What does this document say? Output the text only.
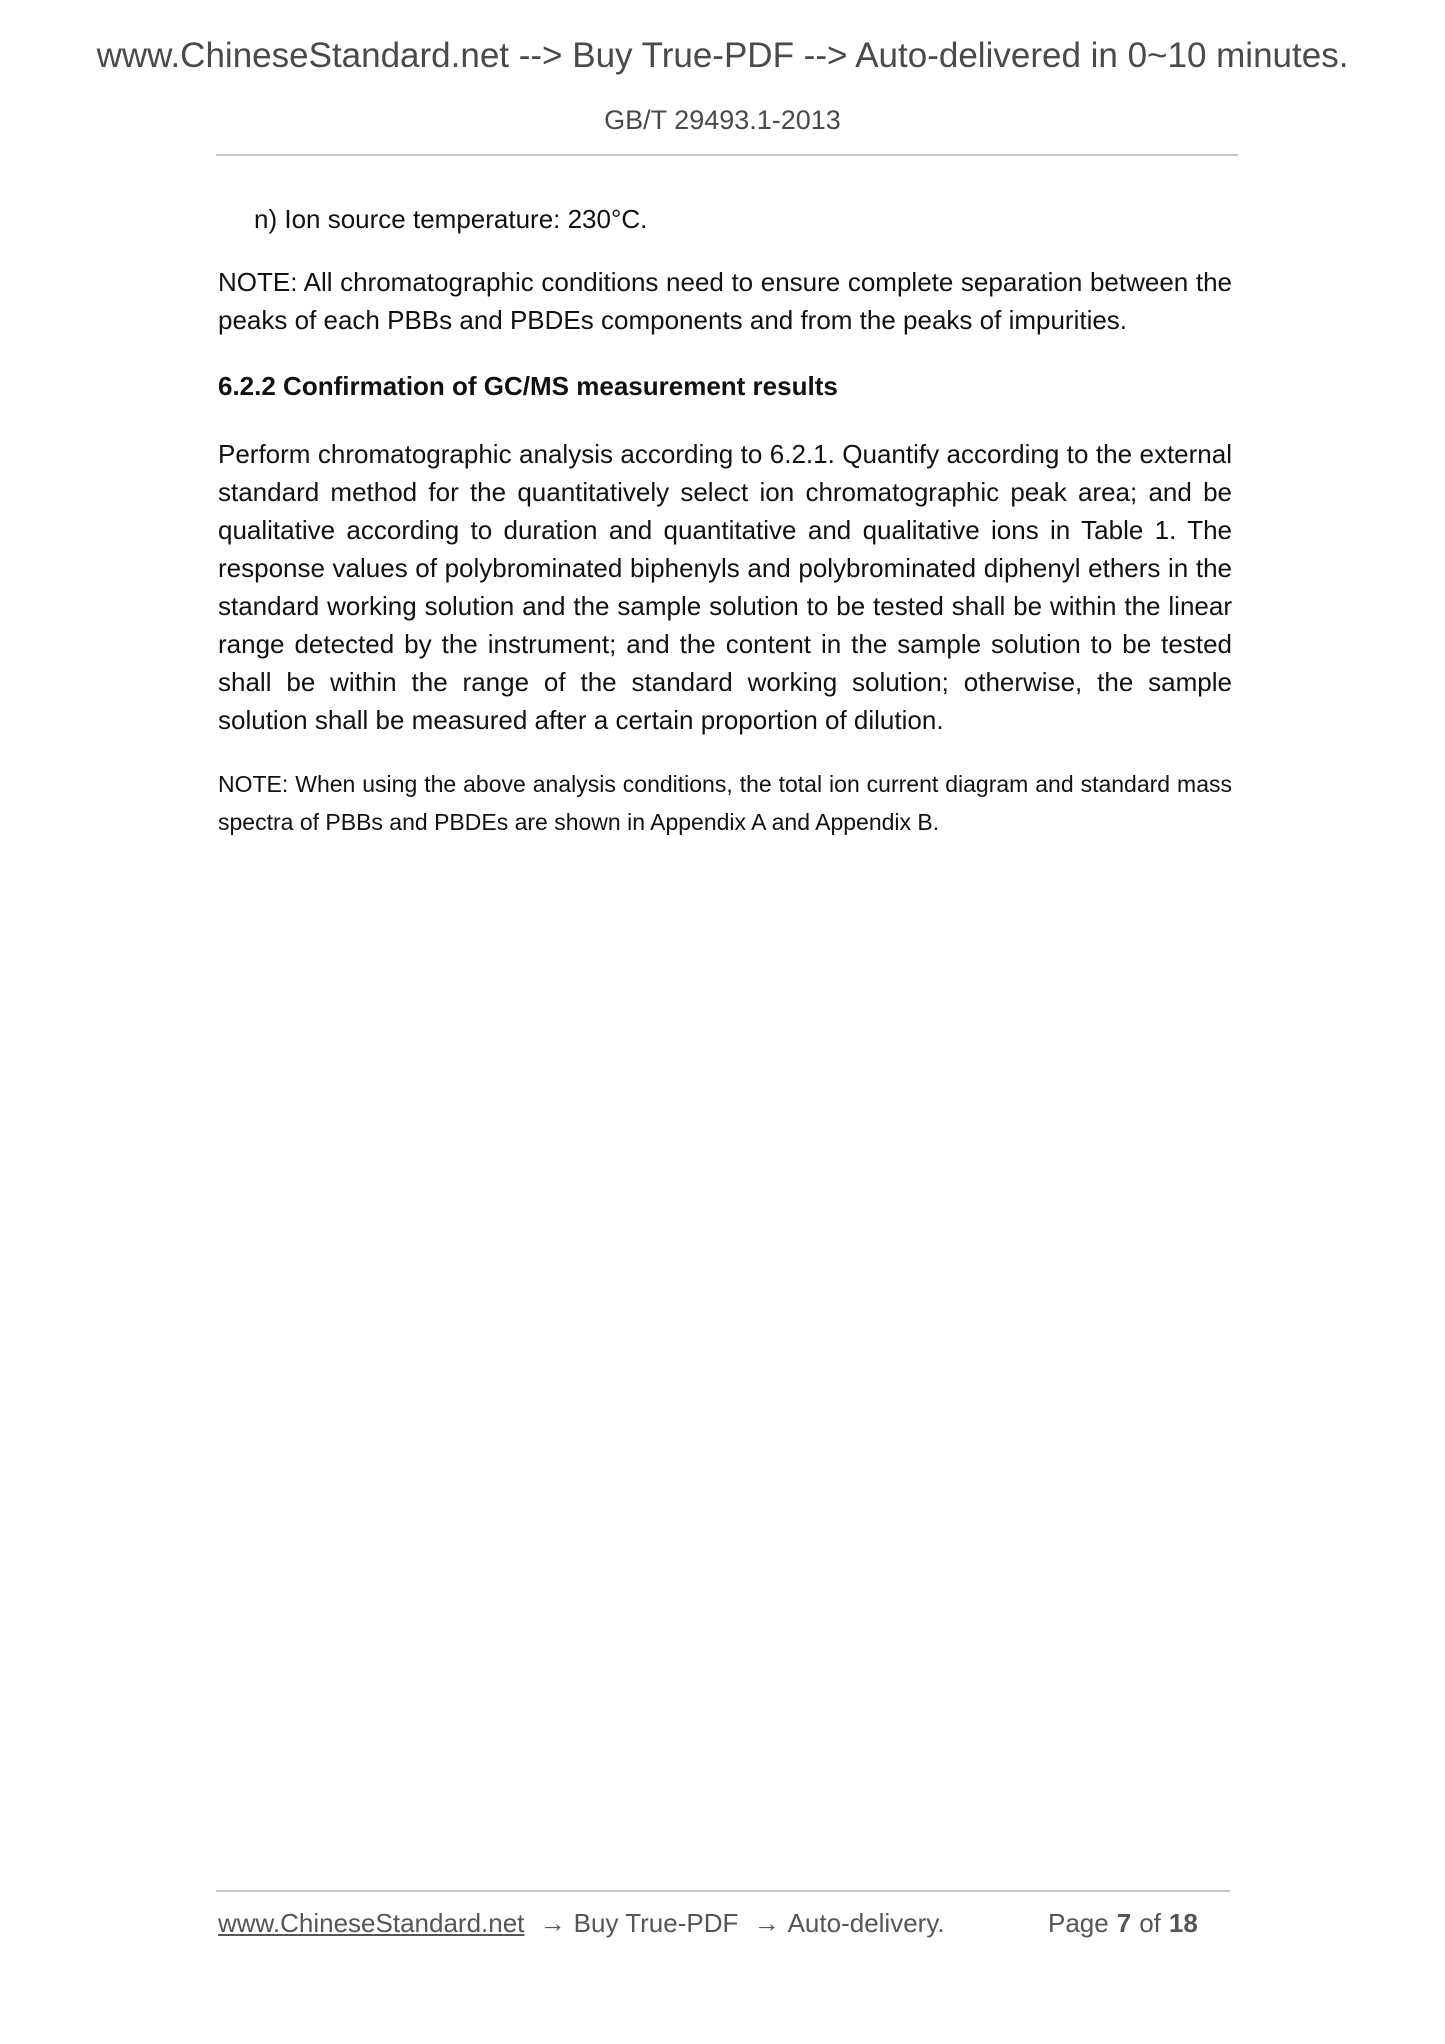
www.ChineseStandard.net --> Buy True-PDF --> Auto-delivered in 0~10 minutes.
GB/T 29493.1-2013

n) Ion source temperature: 230°C.

NOTE: All chromatographic conditions need to ensure complete separation between the peaks of each PBBs and PBDEs components and from the peaks of impurities.

6.2.2 Confirmation of GC/MS measurement results

Perform chromatographic analysis according to 6.2.1. Quantify according to the external standard method for the quantitatively select ion chromatographic peak area; and be qualitative according to duration and quantitative and qualitative ions in Table 1. The response values of polybrominated biphenyls and polybrominated diphenyl ethers in the standard working solution and the sample solution to be tested shall be within the linear range detected by the instrument; and the content in the sample solution to be tested shall be within the range of the standard working solution; otherwise, the sample solution shall be measured after a certain proportion of dilution.

NOTE: When using the above analysis conditions, the total ion current diagram and standard mass spectra of PBBs and PBDEs are shown in Appendix A and Appendix B.

www.ChineseStandard.net → Buy True-PDF → Auto-delivery.	Page 7 of 18
